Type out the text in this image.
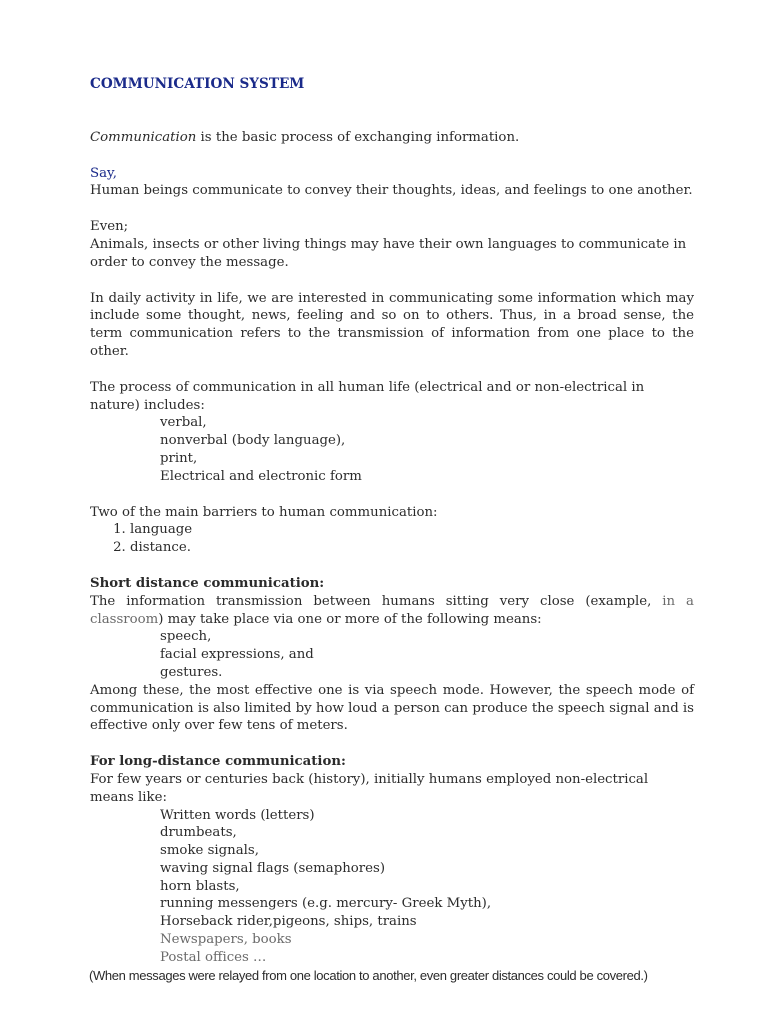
COMMUNICATION SYSTEM

Communication is the basic process of exchanging information.

Say,

Human beings communicate to convey their thoughts, ideas, and feelings to one another.

Even;

Animals, insects or other living things may have their own languages to communicate in order to convey the message.

In daily activity in life, we are interested in communicating some information which may include some thought, news, feeling and so on to others. Thus, in a broad sense, the term communication refers to the transmission of information from one place to the other.

The process of communication in all human life (electrical and or non-electrical in nature) includes:

verbal,
nonverbal (body language),
print,
Electrical and electronic form

Two of the main barriers to human communication:

1. language
2. distance.

Short distance communication:

The information transmission between humans sitting very close (example, in a classroom) may take place via one or more of the following means:

speech,
facial expressions, and
gestures.

Among these, the most effective one is via speech mode. However, the speech mode of communication is also limited by how loud a person can produce the speech signal and is effective only over few tens of meters.

For long-distance communication:

For few years or centuries back (history), initially humans employed non-electrical means like:

Written words (letters)
drumbeats,
smoke signals,
waving signal flags (semaphores)
horn blasts,
running messengers (e.g. mercury- Greek Myth),
Horseback rider,pigeons, ships, trains
Newspapers, books
Postal offices …

(When messages were relayed from one location to another, even greater distances could be covered.)
